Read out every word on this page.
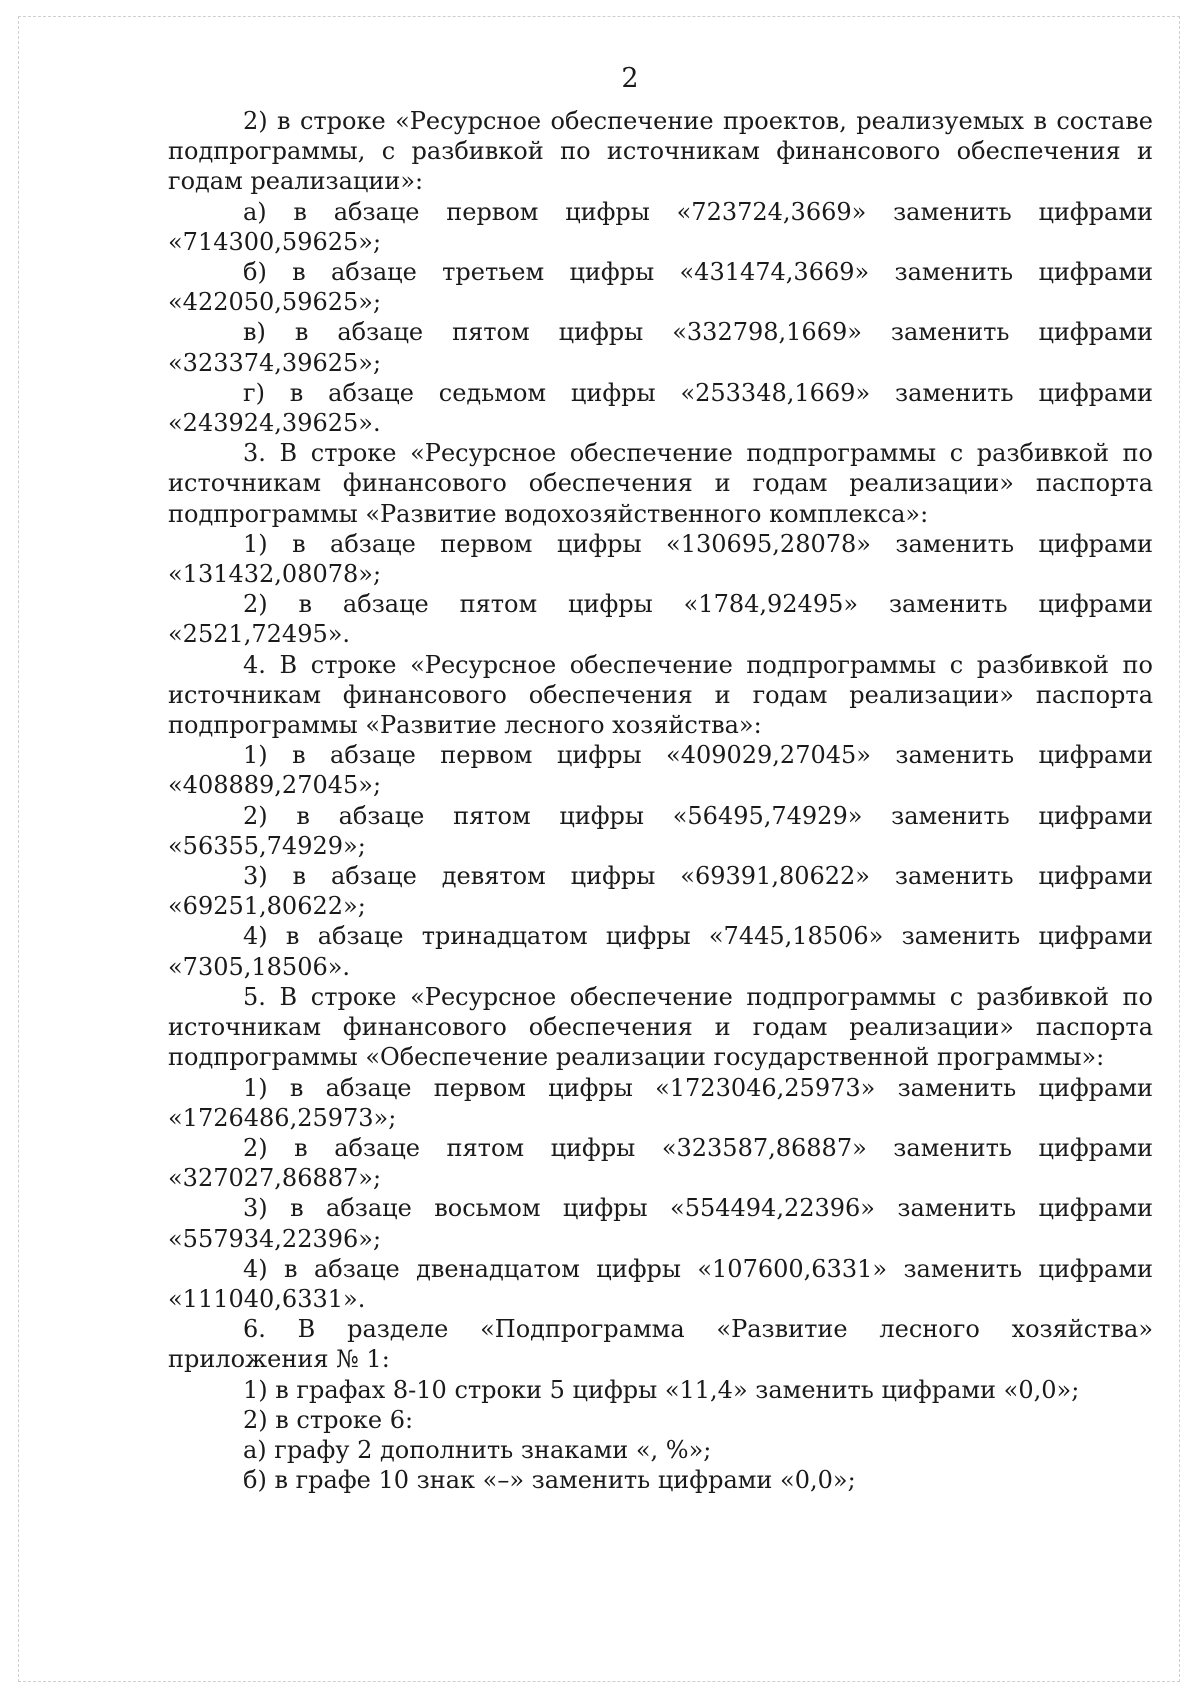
2
2) в строке «Ресурсное обеспечение проектов, реализуемых в составе подпрограммы, с разбивкой по источникам финансового обеспечения и годам реализации»:
а) в абзаце первом цифры «723724,3669» заменить цифрами «714300,59625»;
б) в абзаце третьем цифры «431474,3669» заменить цифрами «422050,59625»;
в) в абзаце пятом цифры «332798,1669» заменить цифрами «323374,39625»;
г) в абзаце седьмом цифры «253348,1669» заменить цифрами «243924,39625».
3. В строке «Ресурсное обеспечение подпрограммы с разбивкой по источникам финансового обеспечения и годам реализации» паспорта подпрограммы «Развитие водохозяйственного комплекса»:
1) в абзаце первом цифры «130695,28078» заменить цифрами «131432,08078»;
2) в абзаце пятом цифры «1784,92495» заменить цифрами «2521,72495».
4. В строке «Ресурсное обеспечение подпрограммы с разбивкой по источникам финансового обеспечения и годам реализации» паспорта подпрограммы «Развитие лесного хозяйства»:
1) в абзаце первом цифры «409029,27045» заменить цифрами «408889,27045»;
2) в абзаце пятом цифры «56495,74929» заменить цифрами «56355,74929»;
3) в абзаце девятом цифры «69391,80622» заменить цифрами «69251,80622»;
4) в абзаце тринадцатом цифры «7445,18506» заменить цифрами «7305,18506».
5. В строке «Ресурсное обеспечение подпрограммы с разбивкой по источникам финансового обеспечения и годам реализации» паспорта подпрограммы «Обеспечение реализации государственной программы»:
1) в абзаце первом цифры «1723046,25973» заменить цифрами «1726486,25973»;
2) в абзаце пятом цифры «323587,86887» заменить цифрами «327027,86887»;
3) в абзаце восьмом цифры «554494,22396» заменить цифрами «557934,22396»;
4) в абзаце двенадцатом цифры «107600,6331» заменить цифрами «111040,6331».
6. В разделе «Подпрограмма «Развитие лесного хозяйства» приложения № 1:
1) в графах 8-10 строки 5 цифры «11,4» заменить цифрами «0,0»;
2) в строке 6:
а) графу 2 дополнить знаками «, %»;
б) в графе 10 знак «–» заменить цифрами «0,0»;
